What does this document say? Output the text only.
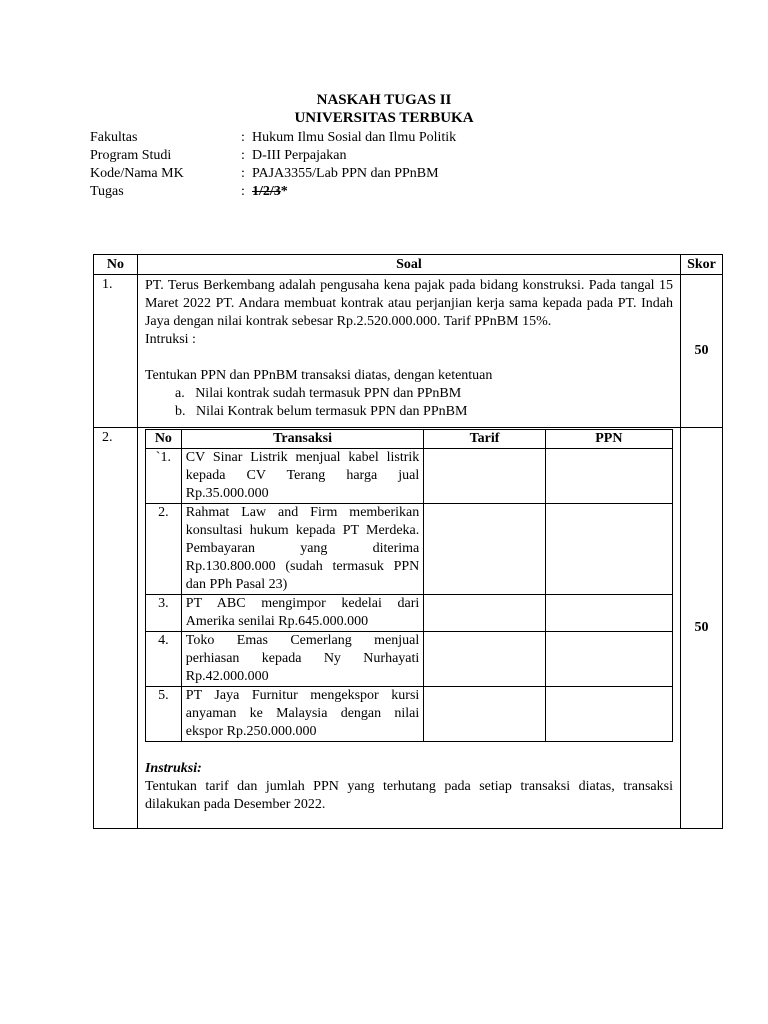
NASKAH TUGAS II
UNIVERSITAS TERBUKA
Fakultas	: Hukum Ilmu Sosial dan Ilmu Politik
Program Studi	: D-III Perpajakan
Kode/Nama MK	: PAJA3355/Lab PPN dan PPnBM
Tugas	: 1/2/3*
No	Soal	Skor
1.	PT. Terus Berkembang adalah pengusaha kena pajak pada bidang konstruksi. Pada tangal 15 Maret 2022 PT. Andara membuat kontrak atau perjanjian kerja sama kepada pada PT. Indah Jaya dengan nilai kontrak sebesar Rp.2.520.000.000. Tarif PPnBM 15%.

Intruksi :

Tentukan PPN dan PPnBM transaksi diatas, dengan ketentuan

a.   Nilai kontrak sudah termasuk PPN dan PPnBM

b.   Nilai Kontrak belum termasuk PPN dan PPnBM

	50
2.		No	Transaksi	Tarif	PPN
`1.	CV Sinar Listrik menjual kabel listrik kepada CV Terang harga jual Rp.35.000.000		
2.	Rahmat Law and Firm memberikan konsultasi hukum kepada PT Merdeka. Pembayaran yang diterima Rp.130.800.000 (sudah termasuk PPN dan PPh Pasal 23)		
3.	PT ABC mengimpor kedelai dari Amerika senilai Rp.645.000.000		
4.	Toko Emas Cemerlang menjual perhiasan kepada Ny Nurhayati Rp.42.000.000		
5.	PT Jaya Furnitur mengekspor kursi anyaman ke Malaysia dengan nilai ekspor Rp.250.000.000		
Instruksi:
Tentukan tarif dan jumlah PPN yang terhutang pada setiap transaksi diatas, transaksi dilakukan pada Desember 2022.
	50
